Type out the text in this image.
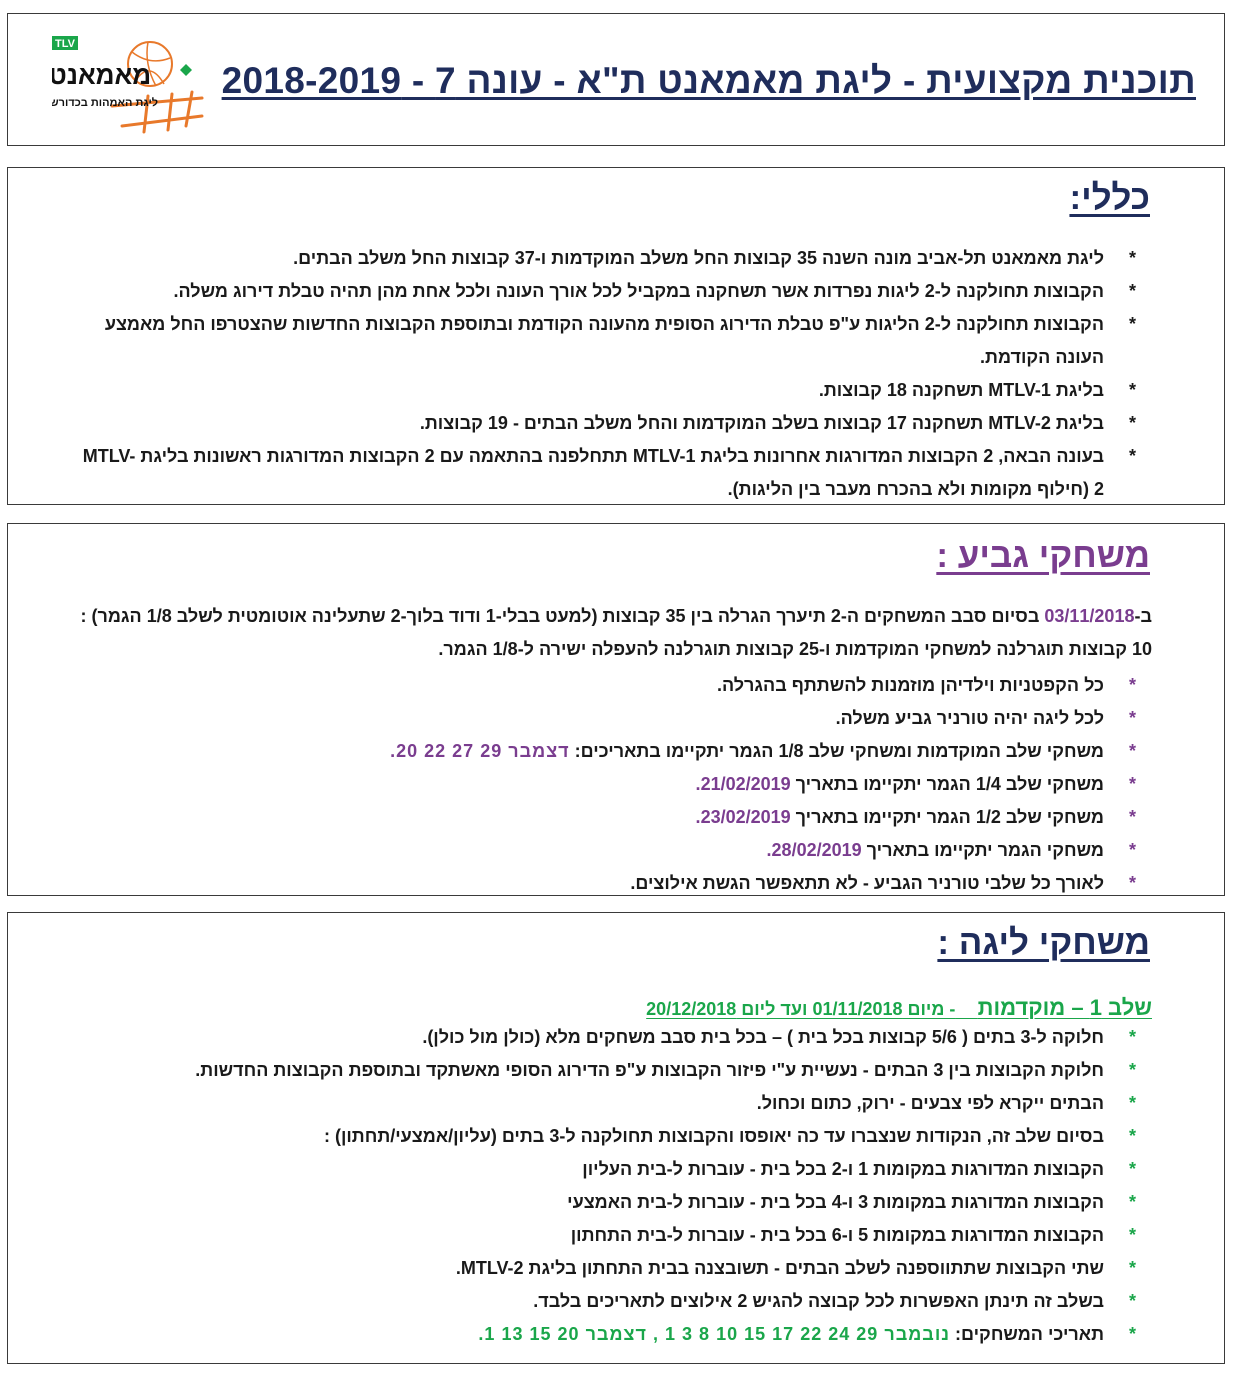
תוכנית מקצועית - ליגת מאמאנט ת"א - עונה 7 - 2018-2019
TLV
מאמאנט
ליגת האמהות בכדורשת
כללי:
*
ליגת מאמאנט תל-אביב מונה השנה 35 קבוצות החל משלב המוקדמות ו-37 קבוצות החל משלב הבתים.
*
הקבוצות תחולקנה ל-2 ליגות נפרדות אשר תשחקנה במקביל לכל אורך העונה ולכל אחת מהן תהיה טבלת דירוג משלה.
*
הקבוצות תחולקנה ל-2 הליגות ע"פ טבלת הדירוג הסופית מהעונה הקודמת ובתוספת הקבוצות החדשות שהצטרפו החל מאמצע העונה הקודמת.
*
בליגת MTLV-1 תשחקנה 18 קבוצות.
*
בליגת MTLV-2 תשחקנה 17 קבוצות בשלב המוקדמות והחל משלב הבתים - 19 קבוצות.
*
בעונה הבאה, 2 הקבוצות המדורגות אחרונות בליגת MTLV-1 תתחלפנה בהתאמה עם 2 הקבוצות המדורגות ראשונות בליגת MTLV-2 (חילוף מקומות ולא בהכרח מעבר בין הליגות).
משחקי גביע :

ב-03/11/2018 בסיום סבב המשחקים ה-2 תיערך הגרלה בין 35 קבוצות (למעט בבלי-1 ודוד בלוך-2 שתעלינה אוטומטית לשלב 1/8 הגמר) : 10 קבוצות תוגרלנה למשחקי המוקדמות ו-25 קבוצות תוגרלנה להעפלה ישירה ל-1/8 הגמר.

*
כל הקפטניות וילדיהן מוזמנות להשתתף בהגרלה.
*
לכל ליגה יהיה טורניר גביע משלה.
*
משחקי שלב המוקדמות ומשחקי שלב 1/8 הגמר יתקיימו בתאריכים: דצמבר 29 27 22 20.
*
משחקי שלב 1/4 הגמר יתקיימו בתאריך 21/02/2019.
*
משחקי שלב 1/2 הגמר יתקיימו בתאריך 23/02/2019.
*
משחקי הגמר יתקיימו בתאריך 28/02/2019.
*
לאורך כל שלבי טורניר הגביע - לא תתאפשר הגשת אילוצים.
משחקי ליגה :

שלב 1 – מוקדמות     - מיום 01/11/2018 ועד ליום 20/12/2018

*
חלוקה ל-3 בתים ( 5/6 קבוצות בכל בית ) – בכל בית סבב משחקים מלא (כולן מול כולן).
*
חלוקת הקבוצות בין 3 הבתים - נעשיית ע"י פיזור הקבוצות ע"פ הדירוג הסופי מאשתקד ובתוספת הקבוצות החדשות.
*
הבתים ייקרא לפי צבעים - ירוק, כתום וכחול.
*
בסיום שלב זה, הנקודות שנצברו עד כה יאופסו והקבוצות תחולקנה ל-3 בתים (עליון/אמצעי/תחתון) :
*
הקבוצות המדורגות במקומות 1 ו-2 בכל בית - עוברות ל-בית העליון
*
הקבוצות המדורגות במקומות 3 ו-4 בכל בית - עוברות ל-בית האמצעי
*
הקבוצות המדורגות במקומות 5 ו-6 בכל בית - עוברות ל-בית התחתון
*
שתי הקבוצות שתתווספנה לשלב הבתים - תשובצנה בבית התחתון בליגת MTLV-2.
*
בשלב זה תינתן האפשרות לכל קבוצה להגיש 2 אילוצים לתאריכים בלבד.
*
תאריכי המשחקים: נובמבר 29 24 22 17 15 10 8 3 1 , דצמבר 20 15 13 1.
